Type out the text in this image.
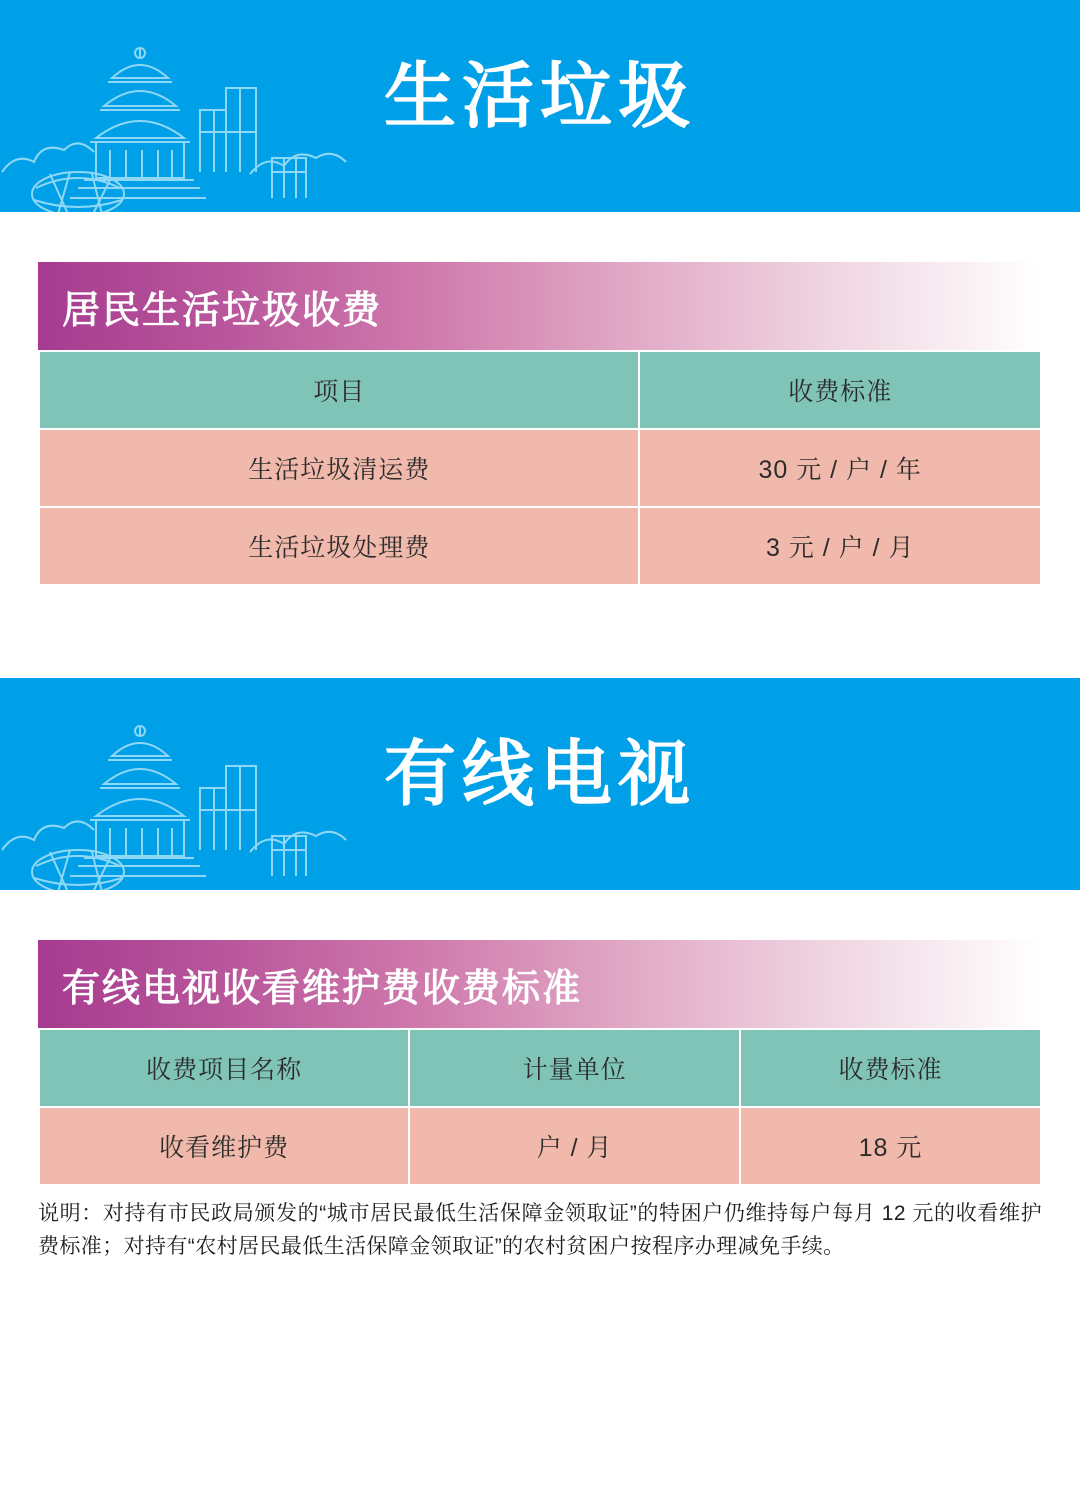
生活垃圾
居民生活垃圾收费
项目	收费标准
生活垃圾清运费	30 元 / 户 / 年
生活垃圾处理费	3 元 / 户 / 月
有线电视
有线电视收看维护费收费标准
收费项目名称	计量单位	收费标准
收看维护费	户 / 月	18 元
说明：对持有市民政局颁发的“城市居民最低生活保障金领取证”的特困户仍维持每户每月 12 元的收看维护费标准；对持有“农村居民最低生活保障金领取证”的农村贫困户按程序办理减免手续。
